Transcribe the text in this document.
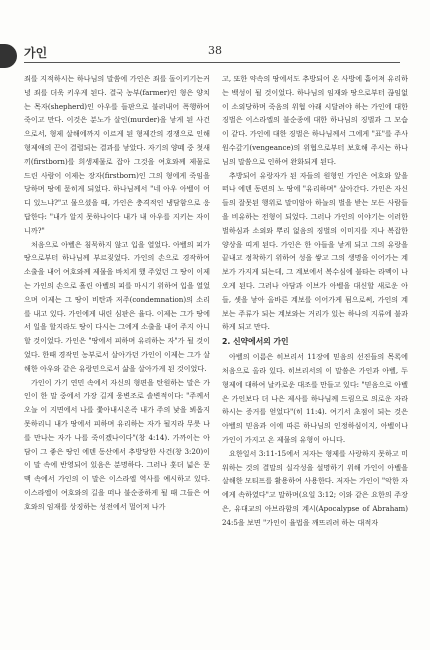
가인	38

죄를 지적하시는 하나님의 말씀에 가인은 죄를 돌이키기는커녕 죄를 더욱 키우게 된다. 결국 농부(farmer)인 형은 양치는 목자(shepherd)인 아우를 들판으로 불러내어 폭행하여 죽이고 만다. 이것은 분노가 살인(murder)을 낳게 된 사건으로서, 형제 살해에까지 이르게 된 형제간의 경쟁으로 인해 형제애의 끈이 결렬되는 결과를 낳았다. 자기의 양떼 중 첫새끼(firstborn)를 희생제물로 잡아 그것을 여호와께 제물로 드린 사람이 이제는 장자(firstborn)인 그의 형에게 죽임을 당하며 땅에 묻히게 되었다. 하나님께서 "네 아우 아벨이 어디 있느냐?"고 물으셨을 때, 가인은 충격적인 냉담함으로 응답한다: "내가 알지 못하나이다 내가 내 아우를 지키는 자이니까?"

처음으로 아벨은 침묵하지 않고 입을 열었다. 아벨의 피가 땅으로부터 하나님께 부르짖었다. 가인의 손으로 경작하여 소출을 내어 여호와께 제물을 바치게 했 주었던 그 땅이 이제는 가인의 손으로 흘린 아벨의 피를 마시기 위하여 입을 열었으며 이제는 그 땅이 비탄과 저주(condemnation)의 소리를 내고 있다. 가인에게 내린 심판은 율다. 이제는 그가 땅에서 일을 할지라도 땅이 다시는 그에게 소출을 내어 주지 아니할 것이었다. 가인은 "땅에서 피하며 유리하는 자"가 될 것이었다. 한때 경작민 농부로서 살아가던 가인이 이제는 그가 살해한 아우와 같은 유랑민으로서 삶을 살아가게 된 것이었다.

가인이 가기 연민 속에서 자신의 형편을 탄원하는 말은 가인이 한 말 중에서 가장 길게 웅변조로 솔변적이다: "주께서 오늘 이 지면에서 나를 쫓아내시온즉 내가 주의 낯을 뵈옵지 못하리니 내가 땅에서 피하며 유리하는 자가 될지라 무릇 나를 만나는 자가 나를 죽이겠나이다"(창 4:14). 가까이는 아담이 그 좋은 땅인 에덴 동산에서 추방당한 사건(창 3:20)이 이 말 속에 반영되어 있음은 분명하다. 그러나 훗더 넓은 문맥 속에서 가인의 이 말은 이스라엘 역사를 예시하고 있다. 이스라엘이 여호와의 길을 떠나 불순종하게 될 때 그들은 여호와의 임재를 상징하는 성전에서 멀어져 나가

고, 또한 약속의 땅에서도 추방되어 온 사방에 흩어져 유리하는 백성이 될 것이었다. 하나님의 임재와 땅으로부터 끊임없이 소외당하며 죽음의 위협 아래 시달려야 하는 가인에 대한 징벌은 이스라엘의 불순종에 대한 하나님의 징벌과 그 모습이 같다. 가인에 대한 징벌은 하나님께서 그에게 "표"를 주사 원수갚기(vengeance)의 위협으로부터 보호해 주시는 하나님의 말씀으로 인하여 완화되게 된다.

추방되어 유랑자가 된 자들의 원형인 가인은 여호와 앞을 떠나 에덴 동편의 노 땅에 "유리하며" 살아간다. 가인은 자신들의 잘못된 행위로 말미암아 하늘의 벌을 받는 모든 사람들을 비유하는 전형이 되었다. 그러나 가인의 이야기는 이러한 벌하심과 소외와 뿌리 없음의 징벌의 이미지를 지나 복잡한 양상을 띠게 된다. 가인은 한 아들을 낳게 되고 그의 유랑을 끝내고 정착하기 위하여 성을 쌓고 그의 생명을 이어가는 계보가 가지게 되는데, 그 계보에서 복수심에 불타는 라멕이 나오게 된다. 그러나 아담과 이브가 아벨을 대신할 새로운 아들, 셋을 낳아 올바른 계보를 이어가게 됨으로써, 가인의 계보는 주류가 되는 계보와는 거리가 있는 하나의 지류에 불과하게 되고 만다.

2. 신약에서의 가인

아벨의 이름은 히브리서 11장에 믿음의 선진들의 목록에 처음으로 올라 있다. 히브리서의 이 말씀은 가인과 아벨, 두 형제에 대하여 날카로운 대조를 만들고 있다: "믿음으로 아벨은 가인보다 더 나은 제사를 하나님께 드림으로 의로운 자라 하시는 증거를 얻었다"(히 11:4). 여기서 초점이 되는 것은 아벨의 믿음과 이에 따른 하나님의 인정하심이지, 아벨이나 가인이 가지고 온 제물의 유형이 아니다.

요한일서 3:11-15에서 저자는 형제를 사랑하지 못하고 미워하는 것의 결말의 실각성을 설명하기 위해 가인이 아벨을 살해한 모티프를 활용하여 사용한다. 저자는 가인이 "악한 자에게 속하였다"고 말하며(요일 3:12; 이와 같은 요한의 주장은, 유대교의 아브라함의 계시(Apocalypse of Abraham) 24:5을 보면 "가인이 율법을 깨뜨리려 하는 대적자
